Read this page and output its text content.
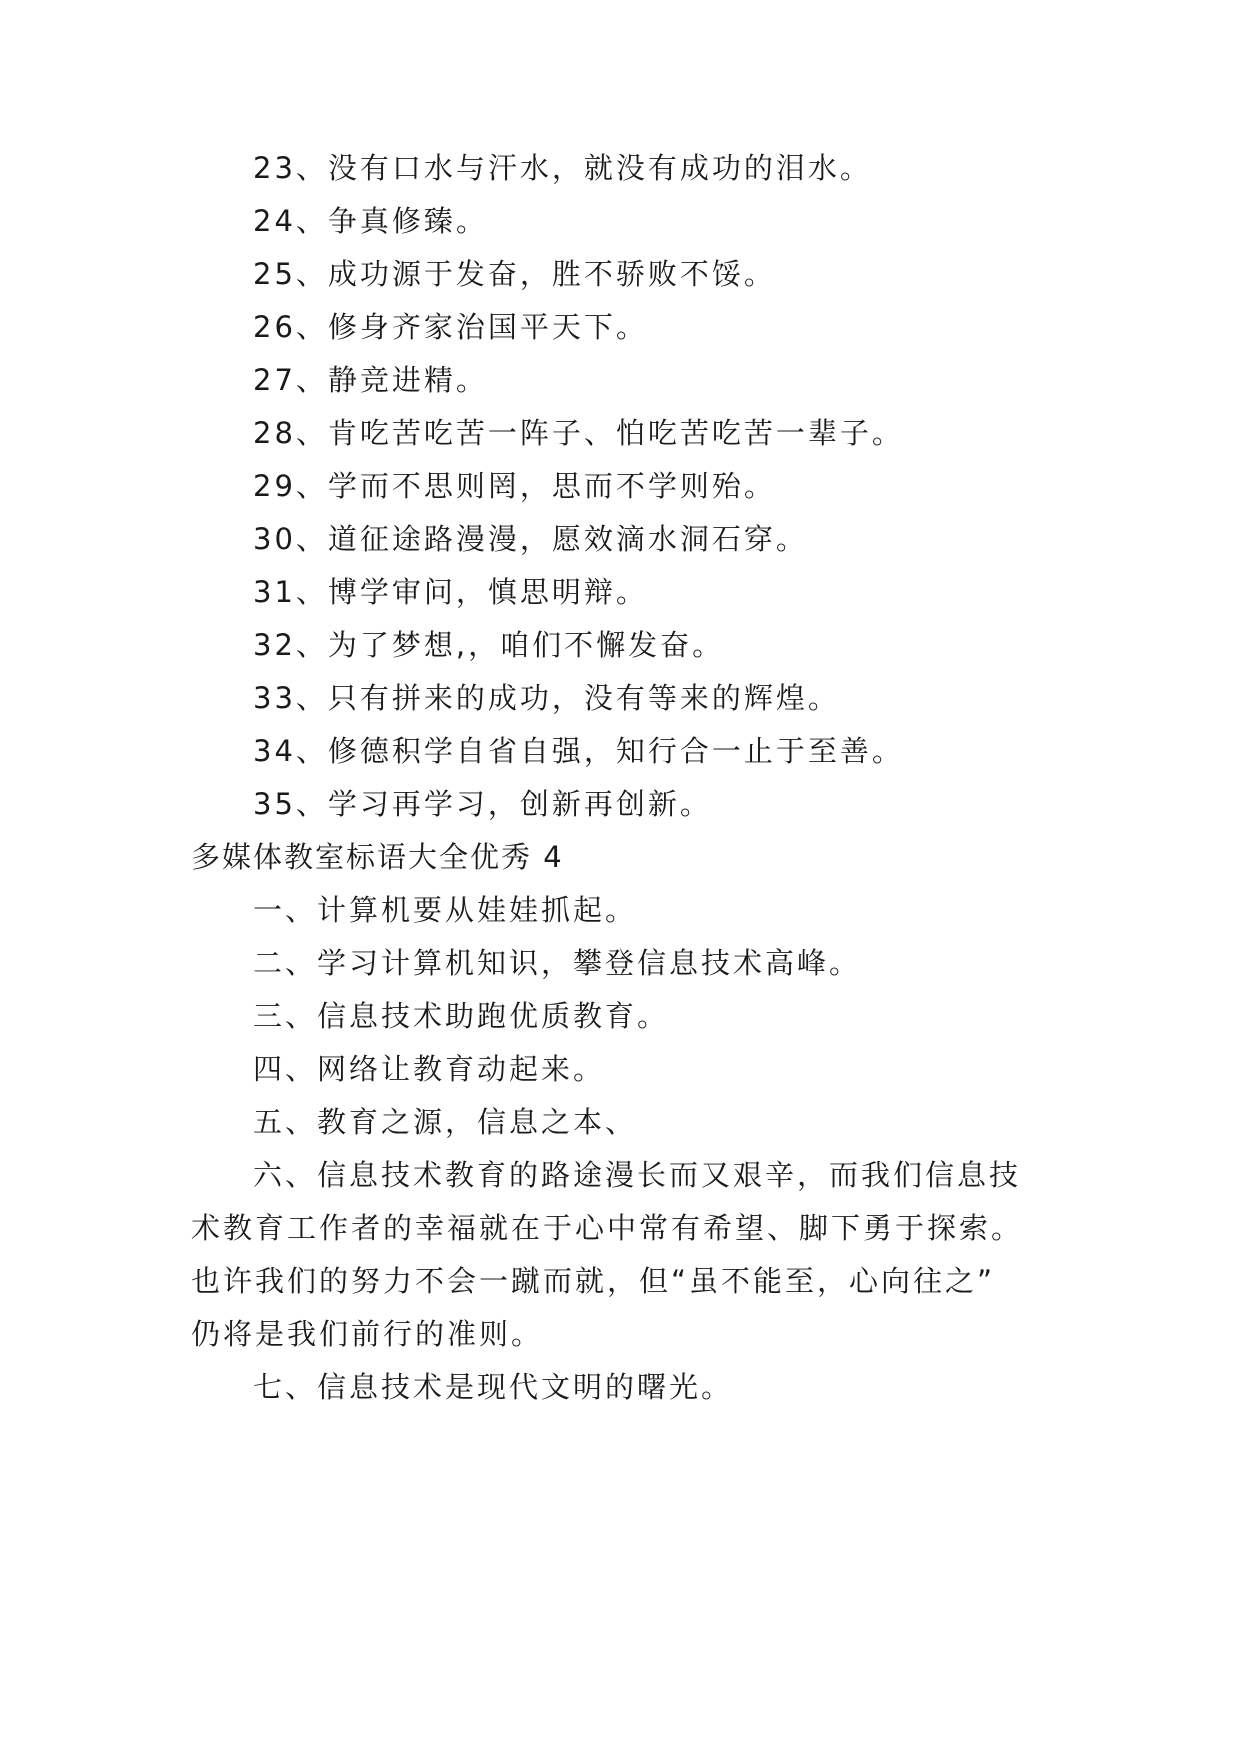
23、没有口水与汗水，就没有成功的泪水。
24、争真修臻。
25、成功源于发奋，胜不骄败不馁。
26、修身齐家治国平天下。
27、静竞进精。
28、肯吃苦吃苦一阵子、怕吃苦吃苦一辈子。
29、学而不思则罔，思而不学则殆。
30、道征途路漫漫，愿效滴水洞石穿。
31、博学审问，慎思明辩。
32、为了梦想,，咱们不懈发奋。
33、只有拼来的成功，没有等来的辉煌。
34、修德积学自省自强，知行合一止于至善。
35、学习再学习，创新再创新。
多媒体教室标语大全优秀 4
一、计算机要从娃娃抓起。
二、学习计算机知识，攀登信息技术高峰。
三、信息技术助跑优质教育。
四、网络让教育动起来。
五、教育之源，信息之本、
六、信息技术教育的路途漫长而又艰辛，而我们信息技
术教育工作者的幸福就在于心中常有希望、脚下勇于探索。
也许我们的努力不会一蹴而就，但“虽不能至，心向往之”
仍将是我们前行的准则。
七、信息技术是现代文明的曙光。
